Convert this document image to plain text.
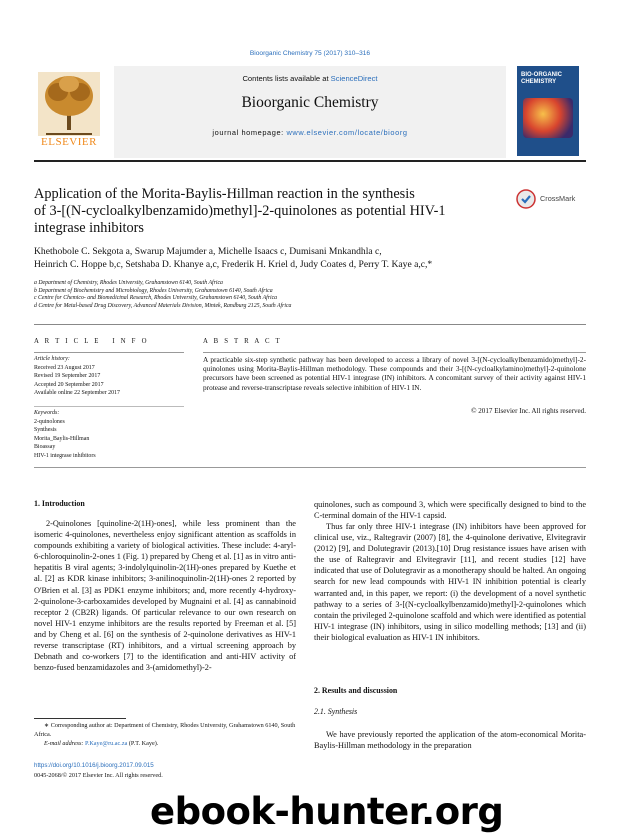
Bioorganic Chemistry 75 (2017) 310–316
ELSEVIER
Contents lists available at ScienceDirect
Bioorganic Chemistry
journal homepage: www.elsevier.com/locate/bioorg
BIO-ORGANIC CHEMISTRY
Application of the Morita-Baylis-Hillman reaction in the synthesis
of 3-[(N-cycloalkylbenzamido)methyl]-2-quinolones as potential HIV-1
integrase inhibitors
CrossMark
Khethobole C. Sekgota a, Swarup Majumder a, Michelle Isaacs c, Dumisani Mnkandhla c,
Heinrich C. Hoppe b,c, Setshaba D. Khanye a,c, Frederik H. Kriel d, Judy Coates d, Perry T. Kaye a,c,*
a Department of Chemistry, Rhodes University, Grahamstown 6140, South Africa
b Department of Biochemistry and Microbiology, Rhodes University, Grahamstown 6140, South Africa
c Centre for Chemico- and Biomedicinal Research, Rhodes University, Grahamstown 6140, South Africa
d Centre for Metal-based Drug Discovery, Advanced Materials Division, Mintek, Randburg 2125, South Africa
A R T I C L E   I N F O
Article history:
Received 23 August 2017
Revised 19 September 2017
Accepted 20 September 2017
Available online 22 September 2017
Keywords:
2-quinolones
Synthesis
Morita_Baylis-Hillman
Bioassay
HIV-1 integrase inhibitors
A B S T R A C T
A practicable six-step synthetic pathway has been developed to access a library of novel 3-[(N-cycloalkylbenzamido)methyl]-2-quinolones using Morita-Baylis-Hillman methodology. These compounds and their 3-[(N-cycloalkylamino)methyl]-2-quinolone precursors have been screened as potential HIV-1 integrase (IN) inhibitors. A concomitant survey of their activity against HIV-1 protease and reverse-transcriptase reveals selective inhibition of HIV-1 IN.
© 2017 Elsevier Inc. All rights reserved.
1. Introduction
2-Quinolones [quinoline-2(1H)-ones], while less prominent than the isomeric 4-quinolones, nevertheless enjoy significant attention as scaffolds in compounds exhibiting a variety of biological activities. These include: 4-aryl-6-chloroquinolin-2-ones 1 (Fig. 1) prepared by Cheng et al. [1] as in vitro anti-hepatitis B viral agents; 3-indolylquinolin-2(1H)-ones prepared by Kuethe et al. [2] as KDR kinase inhibitors; 3-anilinoquinolin-2(1H)-ones 2 reported by O'Brien et al. [3] as PDK1 enzyme inhibitors; and, more recently 4-hydroxy-2-quinolone-3-carboxamides developed by Mugnaini et al. [4] as cannabinoid receptor 2 (CB2R) ligands. Of particular relevance to our own research on novel HIV-1 enzyme inhibitors are the results reported by Freeman et al. [5] and by Cheng et al. [6] on the synthesis of 2-quinolone derivatives as HIV-1 reverse transcriptase (RT) inhibitors, and a virtual screening approach by Debnath and co-workers [7] to the identification and anti-HIV activity of benzo-fused benzamidazoles and 3-(amidomethyl)-2-
quinolones, such as compound 3, which were specifically designed to bind to the C-terminal domain of the HIV-1 capsid.
Thus far only three HIV-1 integrase (IN) inhibitors have been approved for clinical use, viz., Raltegravir (2007) [8], the 4-quinolone derivative, Elvitegravir (2012) [9], and Dolutegravir (2013).[10] Drug resistance issues have arisen with the use of Raltegravir and Elvitegravir [11], and recent studies [12] have indicated that use of Dolutegravir as a monotherapy should be halted. An ongoing search for new lead compounds with HIV-1 IN inhibition potential is clearly warranted and, in this paper, we report: (i) the development of a novel synthetic pathway to a series of 3-[(N-cycloalkylbenzamido)methyl]-2-quinolones which contain the privileged 2-quinolone scaffold and which were identified as potential HIV-1 integrase (IN) inhibitors, using in silico modelling methods; [13] and (ii) their biological evaluation as HIV-1 IN inhibitors.
2. Results and discussion
2.1. Synthesis
We have previously reported the application of the atom-economical Morita-Baylis-Hillman methodology in the preparation
∗ Corresponding author at: Department of Chemistry, Rhodes University, Grahamstown 6140, South Africa.
E-mail address: P.Kaye@ru.ac.za (P.T. Kaye).
https://doi.org/10.1016/j.bioorg.2017.09.015
0045-2068/© 2017 Elsevier Inc. All rights reserved.
ebook-hunter.org
